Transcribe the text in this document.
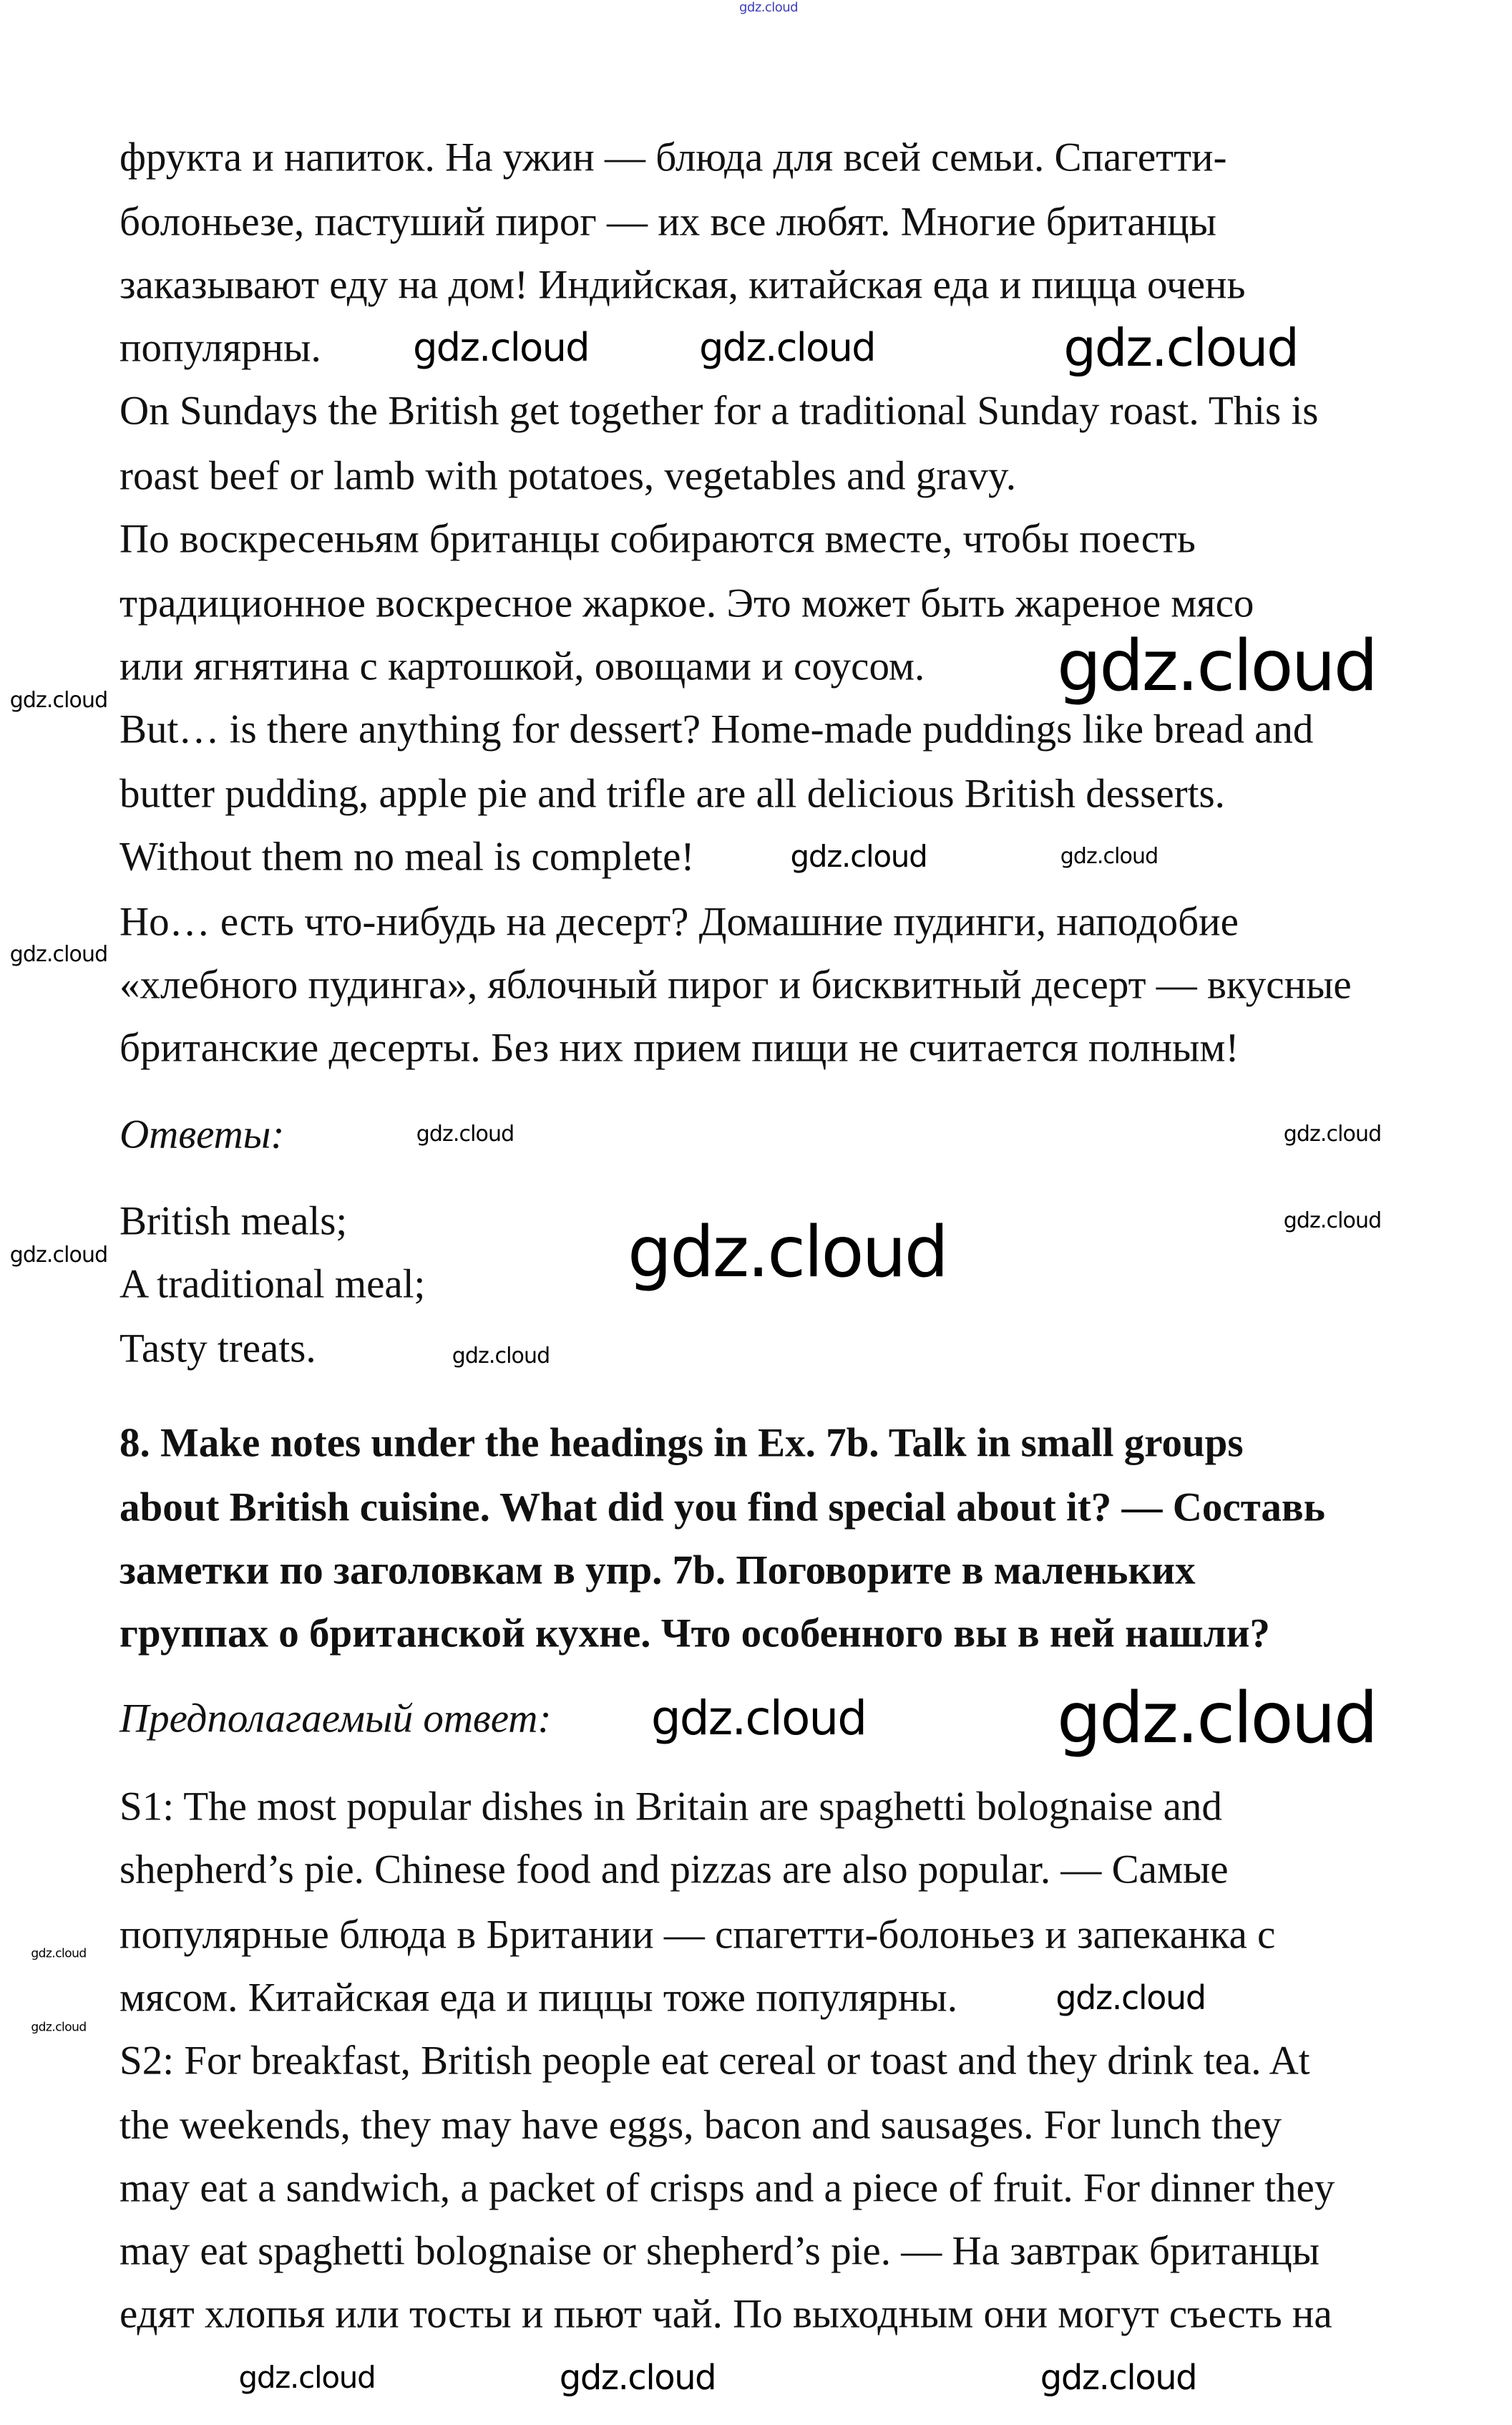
фрукта и напиток. На ужин — блюда для всей семьи. Спагетти-
болоньезе, пастуший пирог — их все любят. Многие британцы
заказывают еду на дом! Индийская, китайская еда и пицца очень
популярны.
On Sundays the British get together for a traditional Sunday roast. This is
roast beef or lamb with potatoes, vegetables and gravy.
По воскресеньям британцы собираются вместе, чтобы поесть
традиционное воскресное жаркое. Это может быть жареное мясо
или ягнятина с картошкой, овощами и соусом.
But… is there anything for dessert? Home-made puddings like bread and
butter pudding, apple pie and trifle are all delicious British desserts.
Without them no meal is complete!
Но… есть что-нибудь на десерт? Домашние пудинги, наподобие
«хлебного пудинга», яблочный пирог и бисквитный десерт — вкусные
британские десерты. Без них прием пищи не считается полным!
Ответы:
British meals;
A traditional meal;
Tasty treats.
8. Make notes under the headings in Ex. 7b. Talk in small groups
about British cuisine. What did you find special about it? — Составь
заметки по заголовкам в упр. 7b. Поговорите в маленьких
группах о британской кухне. Что особенного вы в ней нашли?
Предполагаемый ответ:
S1: The most popular dishes in Britain are spaghetti bolognaise and
shepherd’s pie. Chinese food and pizzas are also popular. — Самые
популярные блюда в Британии — спагетти-болоньез и запеканка с
мясом. Китайская еда и пиццы тоже популярны.
S2: For breakfast, British people eat cereal or toast and they drink tea. At
the weekends, they may have eggs, bacon and sausages. For lunch they
may eat a sandwich, a packet of crisps and a piece of fruit. For dinner they
may eat spaghetti bolognaise or shepherd’s pie. — На завтрак британцы
едят хлопья или тосты и пьют чай. По выходным они могут съесть на
gdz.cloud
gdz.cloud	gdz.cloud	gdz.cloud
gdz.cloud
gdz.cloud
gdz.cloud	gdz.cloud
gdz.cloud
gdz.cloud
gdz.cloud
gdz.cloud
gdz.cloud
gdz.cloud
gdz.cloud
gdz.cloud	gdz.cloud
gdz.cloud
gdz.cloud
gdz.cloud
gdz.cloud	gdz.cloud
gdz.cloud
